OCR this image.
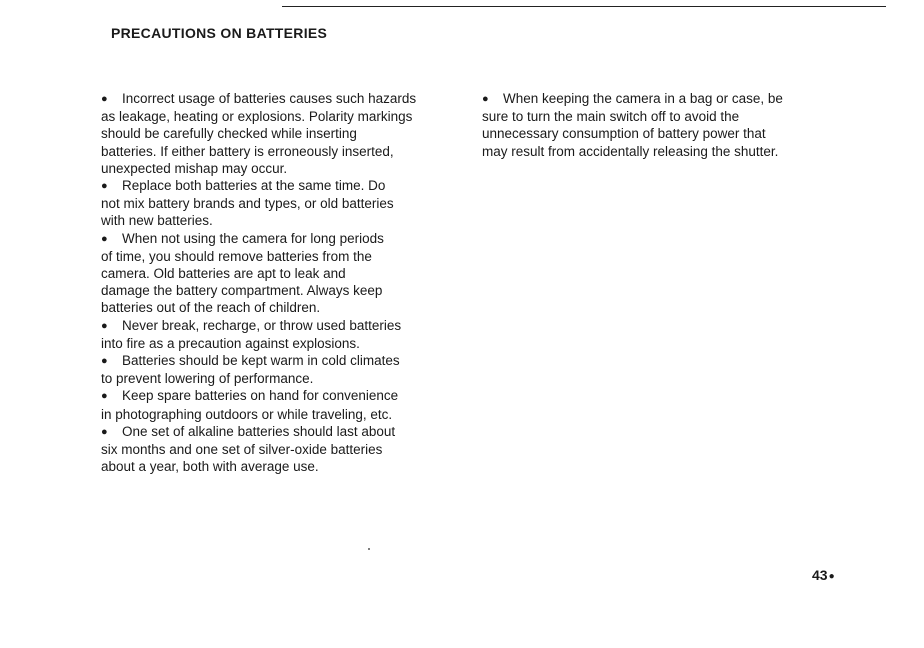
PRECAUTIONS ON BATTERIES
● Incorrect usage of batteries causes such hazards
as leakage, heating or explosions. Polarity markings
should be carefully checked while inserting
batteries. If either battery is erroneously inserted,
unexpected mishap may occur.
● Replace both batteries at the same time. Do
not mix battery brands and types, or old batteries
with new batteries.
● When not using the camera for long periods
of time, you should remove batteries from the
camera. Old batteries are apt to leak and
damage the battery compartment. Always keep
batteries out of the reach of children.
● Never break, recharge, or throw used batteries
into fire as a precaution against explosions.
● Batteries should be kept warm in cold climates
to prevent lowering of performance.
● Keep spare batteries on hand for convenience
in photographing outdoors or while traveling, etc.
● One set of alkaline batteries should last about
six months and one set of silver-oxide batteries
about a year, both with average use.
● When keeping the camera in a bag or case, be
sure to turn the main switch off to avoid the
unnecessary consumption of battery power that
may result from accidentally releasing the shutter.
43●
